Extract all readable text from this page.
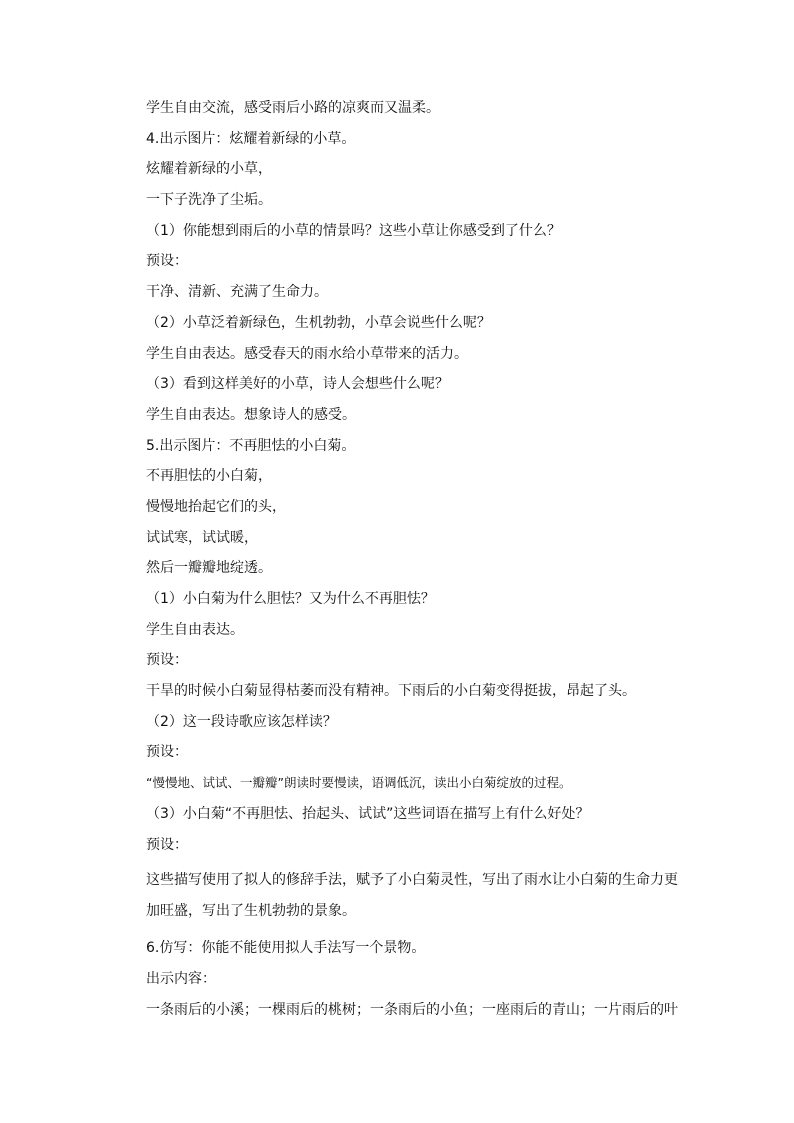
学生自由交流，感受雨后小路的凉爽而又温柔。
4.出示图片：炫耀着新绿的小草。
炫耀着新绿的小草，
一下子洗净了尘垢。
（1）你能想到雨后的小草的情景吗？这些小草让你感受到了什么？
预设：
干净、清新、充满了生命力。
（2）小草泛着新绿色，生机勃勃，小草会说些什么呢？
学生自由表达。感受春天的雨水给小草带来的活力。
（3）看到这样美好的小草，诗人会想些什么呢？
学生自由表达。想象诗人的感受。
5.出示图片：不再胆怯的小白菊。
不再胆怯的小白菊，
慢慢地抬起它们的头，
试试寒，试试暖，
然后一瓣瓣地绽透。
（1）小白菊为什么胆怯？又为什么不再胆怯？
学生自由表达。
预设：
干旱的时候小白菊显得枯萎而没有精神。下雨后的小白菊变得挺拔，昂起了头。
（2）这一段诗歌应该怎样读？
预设：
“慢慢地、试试、一瓣瓣”朗读时要慢读，语调低沉，读出小白菊绽放的过程。
（3）小白菊“不再胆怯、抬起头、试试”这些词语在描写上有什么好处？
预设：
这些描写使用了拟人的修辞手法，赋予了小白菊灵性，写出了雨水让小白菊的生命力更加旺盛，写出了生机勃勃的景象。
6.仿写：你能不能使用拟人手法写一个景物。
出示内容：
一条雨后的小溪；一棵雨后的桃树；一条雨后的小鱼；一座雨后的青山；一片雨后的叶
